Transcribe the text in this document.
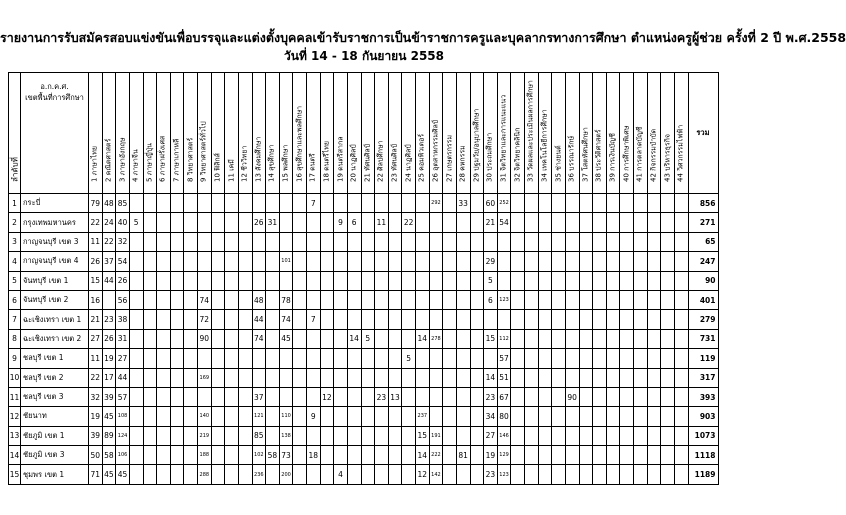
รายงานการรับสมัครสอบแข่งขันเพื่อบรรจุและแต่งตั้งบุคคลเข้ารับราชการเป็นข้าราชการครูและบุคลากรทางการศึกษา ตำแหน่งครูผู้ช่วย ครั้งที่ 2 ปี พ.ศ.2558
วันที่ 14 - 18 กันยายน 2558
ลำดับที่	อ.ก.ค.ศ.
เขตพื้นที่การศึกษา	1 ภาษาไทย	2 คณิตศาสตร์	3 ภาษาอังกฤษ	4 ภาษาจีน	5 ภาษาญี่ปุ่น	6 ภาษาฝรั่งเศส	7 ภาษาเกาหลี	8 วิทยาศาสตร์	9 วิทยาศาสตร์ทั่วไป	10 ฟิสิกส์	11 เคมี	12 ชีววิทยา	13 สังคมศึกษา	14 สุขศึกษา	15 พลศึกษา	16 สุขศึกษาและพลศึกษา	17 ดนตรี	18 ดนตรีไทย	19 ดนตรีสากล	20 นาฏศิลป์	21 ทัศนศิลป์	22 ศิลปศึกษา	23 ทัศนศิลป์	24 นาฏศิลป์	25 คอมพิวเตอร์	26 อุตสาหกรรมศิลป์	27 เกษตรกรรม	28 คหกรรม	29 ปฐมวัย/อนุบาลศึกษา	30 ประถมศึกษา	31 จิตวิทยาและการแนะแนว	32 จิตวิทยาคลินิก	33 วัดผลและประเมินผลการศึกษา	34 เทคโนโลยีการศึกษา	35 ช่างยนต์	36 บรรณารักษ์	37 โสตทัศนศึกษา	38 ประวัติศาสตร์	39 การเงินบัญชี	40 การศึกษาพิเศษ	41 การตลาดบัญชี	42 กิจกรรมบำบัด	43 บริหารธุรกิจ	44 วิศวกรรมไฟฟ้า	รวม
1	กระบี่	79	48	85														7									292		33		60	252														856
2	กรุงเทพมหานคร	22	24	40	5									26	31					9	6		11		22						21	54														271
3	กาญจนบุรี เขต 3	11	22	32																																										65
4	กาญจนบุรี เขต 4	26	37	54												101															29															247
5	จันทบุรี เขต 1	15	44	26																											5															90
6	จันทบุรี เขต 2	16		56						74				48		78															6	123														401
7	ฉะเชิงเทรา เขต 1	21	23	38						72				44		74		7																												279
8	ฉะเชิงเทรา เขต 2	27	26	31						90				74		45					14	5				14	278				15	112														731
9	ชลบุรี เขต 1	11	19	27																					5							57														119
10	ชลบุรี เขต 2	22	17	44						169																					14	51														317
11	ชลบุรี เขต 3	32	39	57										37					12				23	13							23	67					90									393
12	ชัยนาท	19	45	108						140				121		110		9								237					34	80														903
13	ชัยภูมิ เขต 1	39	89	124						219				85		138										15	191				27	146														1073
14	ชัยภูมิ เขต 3	50	58	106						188				102	58	73		18								14	222		81		19	129														1118
15	ชุมพร เขต 1	71	45	45						288				236		200				4						12	142				23	123														1189
